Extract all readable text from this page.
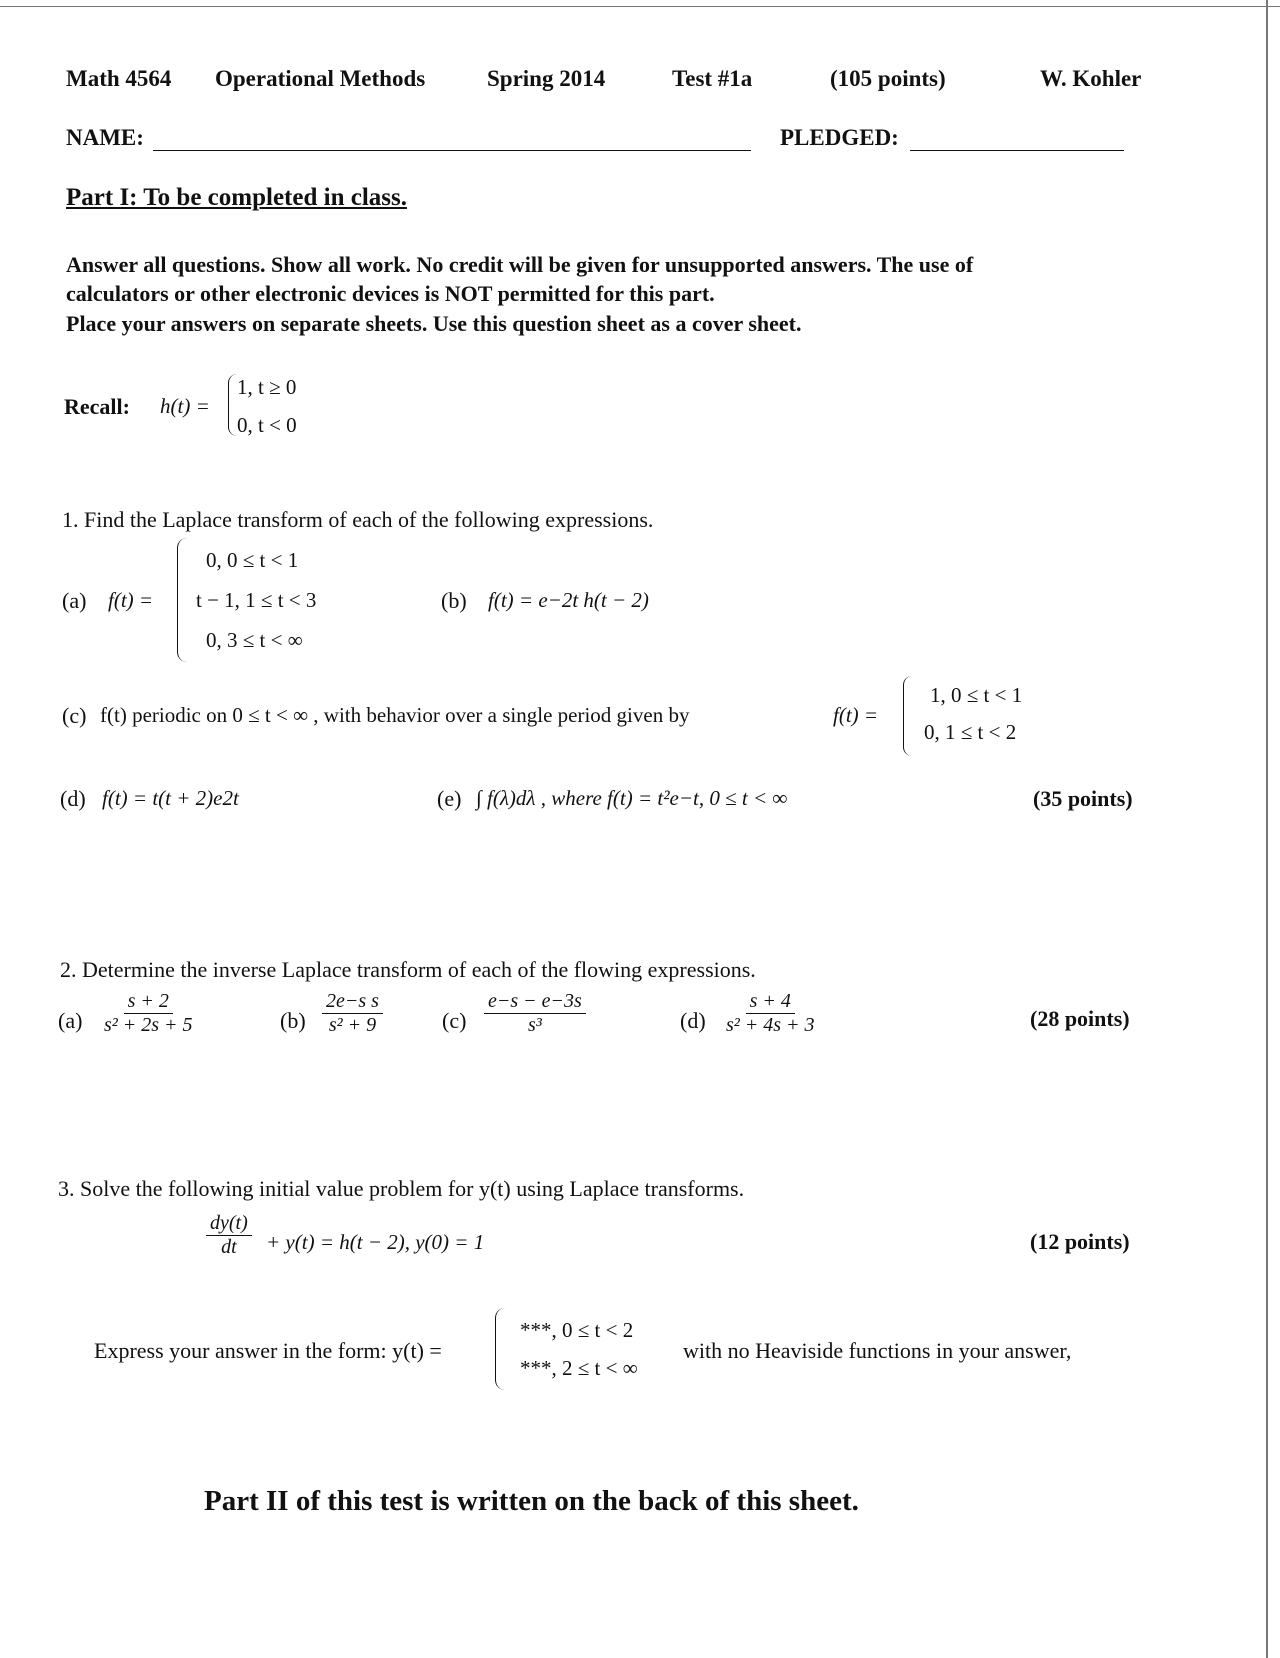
Math 4564 Operational Methods	Spring 2014	Test #1a	(105 points)	W. Kohler
NAME:	PLEDGED:
Part I: To be completed in class.
Answer all questions. Show all work. No credit will be given for unsupported answers. The use of
calculators or other electronic devices is NOT permitted for this part.
Place your answers on separate sheets. Use this question sheet as a cover sheet.
Recall: h(t) =
1, t ≥ 0
0, t < 0
1. Find the Laplace transform of each of the following expressions.
(a) f(t) =
0, 0 ≤ t < 1
t − 1, 1 ≤ t < 3
0, 3 ≤ t < ∞
(b) f(t) = e−2t h(t − 2)
(c) f(t) periodic on 0 ≤ t < ∞ , with behavior over a single period given by	f(t) =
1, 0 ≤ t < 1
0, 1 ≤ t < 2
(d) f(t) = t(t + 2)e2t	(e) ∫ f(λ)dλ , where f(t) = t²e−t, 0 ≤ t < ∞	(35 points)
2. Determine the inverse Laplace transform of each of the flowing expressions.
$(a) \frac{s + 2}{\text{s² + 2s + 5}}$	$(b) \frac{\text{2e−s s}}{\text{s² + 9}}$	$(c) \frac{e-s - e-3s}{\text{s³}}$	$(d) \frac{s + 4}{\text{s² + 4s + 3}}$	(28 points)
3. Solve the following initial value problem for y(t) using Laplace transforms.
$\frac{dy(t)}{dt} + y(t) = h(t - 2)$, y(0) = 1	(12 points)
Express your answer in the form: y(t) =
***, 0 ≤ t < 2
***, 2 ≤ t < ∞
with no Heaviside functions in your answer,
Part II of this test is written on the back of this sheet.
